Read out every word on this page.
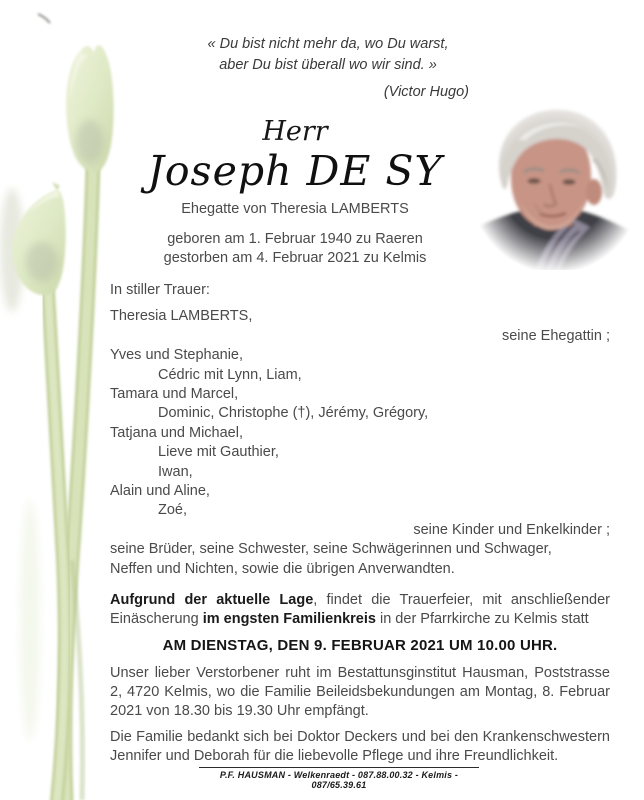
« Du bist nicht mehr da, wo Du warst,
aber Du bist überall wo wir sind. »
(Victor Hugo)
Herr
Joseph DE SY
Ehegatte von Theresia LAMBERTS
geboren am 1. Februar 1940 zu Raeren
gestorben am 4. Februar 2021 zu Kelmis
In stiller Trauer:
Theresia LAMBERTS,
seine Ehegattin ;
Yves und Stephanie,
Cédric mit Lynn, Liam,
Tamara und Marcel,
Dominic, Christophe (†), Jérémy, Grégory,
Tatjana und Michael,
Lieve mit Gauthier,
Iwan,
Alain und Aline,
Zoé,
seine Kinder und Enkelkinder ;
seine Brüder, seine Schwester, seine Schwägerinnen und Schwager,
Neffen und Nichten, sowie die übrigen Anverwandten.

Aufgrund der aktuelle Lage, findet die Trauerfeier, mit anschließender Einäscherung im engsten Familienkreis in der Pfarrkirche zu Kelmis statt

AM DIENSTAG, DEN 9. FEBRUAR 2021 UM 10.00 UHR.

Unser lieber Verstorbener ruht im Bestattunsginstitut Hausman, Poststrasse 2, 4720 Kelmis, wo die Familie Beileidsbekundungen am Montag, 8. Februar 2021 von 18.30 bis 19.30 Uhr empfängt.

Die Familie bedankt sich bei Doktor Deckers und bei den Krankenschwestern Jennifer und Deborah für die liebevolle Pflege und ihre Freundlichkeit.

P.F. HAUSMAN - Welkenraedt - 087.88.00.32 - Kelmis - 087/65.39.61
